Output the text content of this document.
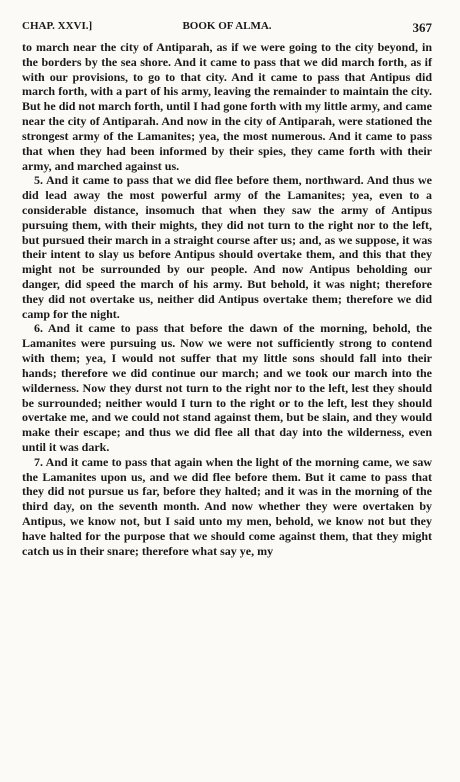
CHAP. XXVI.]	BOOK OF ALMA.	367

to march near the city of Antiparah, as if we were going to the city beyond, in the borders by the sea shore. And it came to pass that we did march forth, as if with our provisions, to go to that city. And it came to pass that Antipus did march forth, with a part of his army, leaving the remainder to maintain the city. But he did not march forth, until I had gone forth with my little army, and came near the city of Antiparah. And now in the city of Antiparah, were stationed the strongest army of the Lamanites; yea, the most numerous. And it came to pass that when they had been informed by their spies, they came forth with their army, and marched against us.

5. And it came to pass that we did flee before them, northward. And thus we did lead away the most powerful army of the Lamanites; yea, even to a considerable distance, insomuch that when they saw the army of Antipus pursuing them, with their mights, they did not turn to the right nor to the left, but pursued their march in a straight course after us; and, as we suppose, it was their intent to slay us before Antipus should overtake them, and this that they might not be surrounded by our people. And now Antipus beholding our danger, did speed the march of his army. But behold, it was night; therefore they did not overtake us, neither did Antipus overtake them; therefore we did camp for the night.

6. And it came to pass that before the dawn of the morning, behold, the Lamanites were pursuing us. Now we were not sufficiently strong to contend with them; yea, I would not suffer that my little sons should fall into their hands; therefore we did continue our march; and we took our march into the wilderness. Now they durst not turn to the right nor to the left, lest they should be surrounded; neither would I turn to the right or to the left, lest they should overtake me, and we could not stand against them, but be slain, and they would make their escape; and thus we did flee all that day into the wilderness, even until it was dark.

7. And it came to pass that again when the light of the morning came, we saw the Lamanites upon us, and we did flee before them. But it came to pass that they did not pursue us far, before they halted; and it was in the morning of the third day, on the seventh month. And now whether they were overtaken by Antipus, we know not, but I said unto my men, behold, we know not but they have halted for the purpose that we should come against them, that they might catch us in their snare; therefore what say ye, my
